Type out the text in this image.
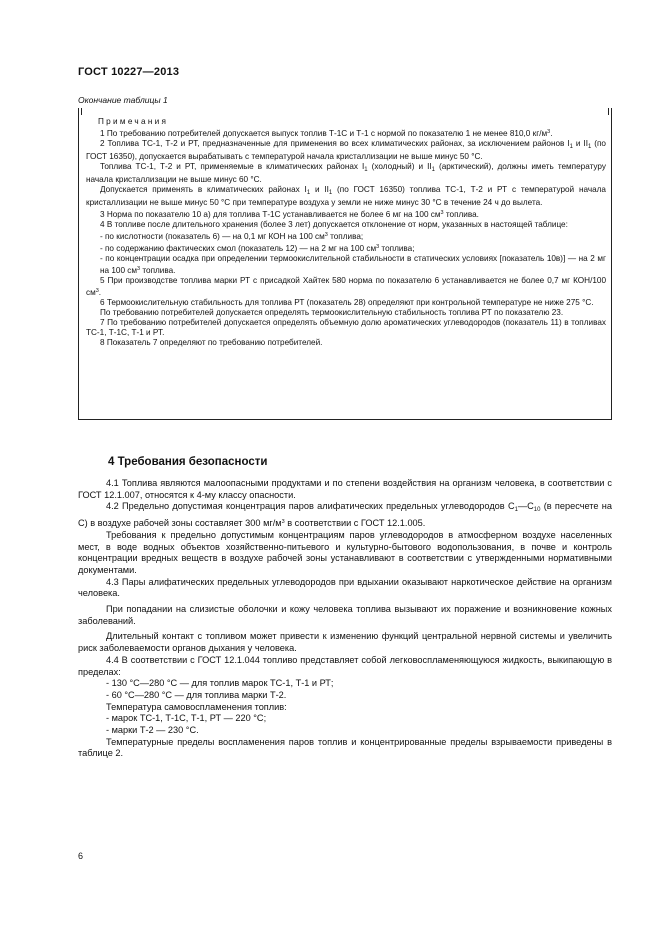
ГОСТ 10227—2013
Окончание таблицы 1

Примечания

1 По требованию потребителей допускается выпуск топлив Т-1С и Т-1 с нормой по показателю 1 не менее 810,0 $кг/м^3$.

2 Топлива ТС-1, Т-2 и РТ, предназначенные для применения во всех климатических районах, за исключением районов $I_1$ и $II_1$ (по ГОСТ 16350), допускается вырабатывать с температурой начала кристаллизации не выше минус 50 °С.

Топлива ТС-1, Т-2 и РТ, применяемые в климатических районах $I_1$ (холодный) и $II_1$ (арктический), должны иметь температуру начала кристаллизации не выше минус 60 °С.

Допускается применять в климатических районах $I_1$ и $II_1$ (по ГОСТ 16350) топлива ТС-1, Т-2 и РТ с температурой начала кристаллизации не выше минус 50 °С при температуре воздуха у земли не ниже минус 30 °С в течение 24 ч до вылета.

3 Норма по показателю 10 а) для топлива Т-1С устанавливается не более 6 мг на 100 $см^3$ топлива.

4 В топливе после длительного хранения (более 3 лет) допускается отклонение от норм, указанных в настоящей таблице:

- по кислотности (показатель 6) — на 0,1 мг КОН на 100 $см^3$ топлива;

- по содержанию фактических смол (показатель 12) — на 2 мг на 100 $см^3$ топлива;

- по концентрации осадка при определении термоокислительной стабильности в статических условиях [показатель 10в)] — на 2 мг на 100 $см^3$ топлива.

5 При производстве топлива марки РТ с присадкой Хайтек 580 норма по показателю 6 устанавливается не более 0,7 мг КОН/100 $см^3$.

6 Термоокислительную стабильность для топлива РТ (показатель 28) определяют при контрольной температуре не ниже 275 °С.

По требованию потребителей допускается определять термоокислительную стабильность топлива РТ по показателю 23.

7 По требованию потребителей допускается определять объемную долю ароматических углеводородов (показатель 11) в топливах ТС-1, Т-1С, Т-1 и РТ.

8 Показатель 7 определяют по требованию потребителей.

4 Требования безопасности

4.1 Топлива являются малоопасными продуктами и по степени воздействия на организм человека, в соответствии с ГОСТ 12.1.007, относятся к 4-му классу опасности.

4.2 Предельно допустимая концентрация паров алифатических предельных углеводородов $С_1—С_{10}$ (в пересчете на С) в воздухе рабочей зоны составляет 300 $мг/м^3$ в соответствии с ГОСТ 12.1.005.

Требования к предельно допустимым концентрациям паров углеводородов в атмосферном воздухе населенных мест, в воде водных объектов хозяйственно-питьевого и культурно-бытового водопользования, в почве и контроль концентрации вредных веществ в воздухе рабочей зоны устанавливают в соответствии с утвержденными нормативными документами.

4.3 Пары алифатических предельных углеводородов при вдыхании оказывают наркотическое действие на организм человека.

При попадании на слизистые оболочки и кожу человека топлива вызывают их поражение и возникновение кожных заболеваний.

Длительный контакт с топливом может привести к изменению функций центральной нервной системы и увеличить риск заболеваемости органов дыхания у человека.

4.4 В соответствии с ГОСТ 12.1.044 топливо представляет собой легковоспламеняющуюся жидкость, выкипающую в пределах:

- 130 °С—280 °С — для топлив марок ТС-1, Т-1 и РТ;

- 60 °С—280 °С — для топлива марки Т-2.

Температура самовоспламенения топлив:

- марок ТС-1, Т-1С, Т-1, РТ — 220 °С;

- марки Т-2 — 230 °С.

Температурные пределы воспламенения паров топлив и концентрированные пределы взрываемости приведены в таблице 2.

6
